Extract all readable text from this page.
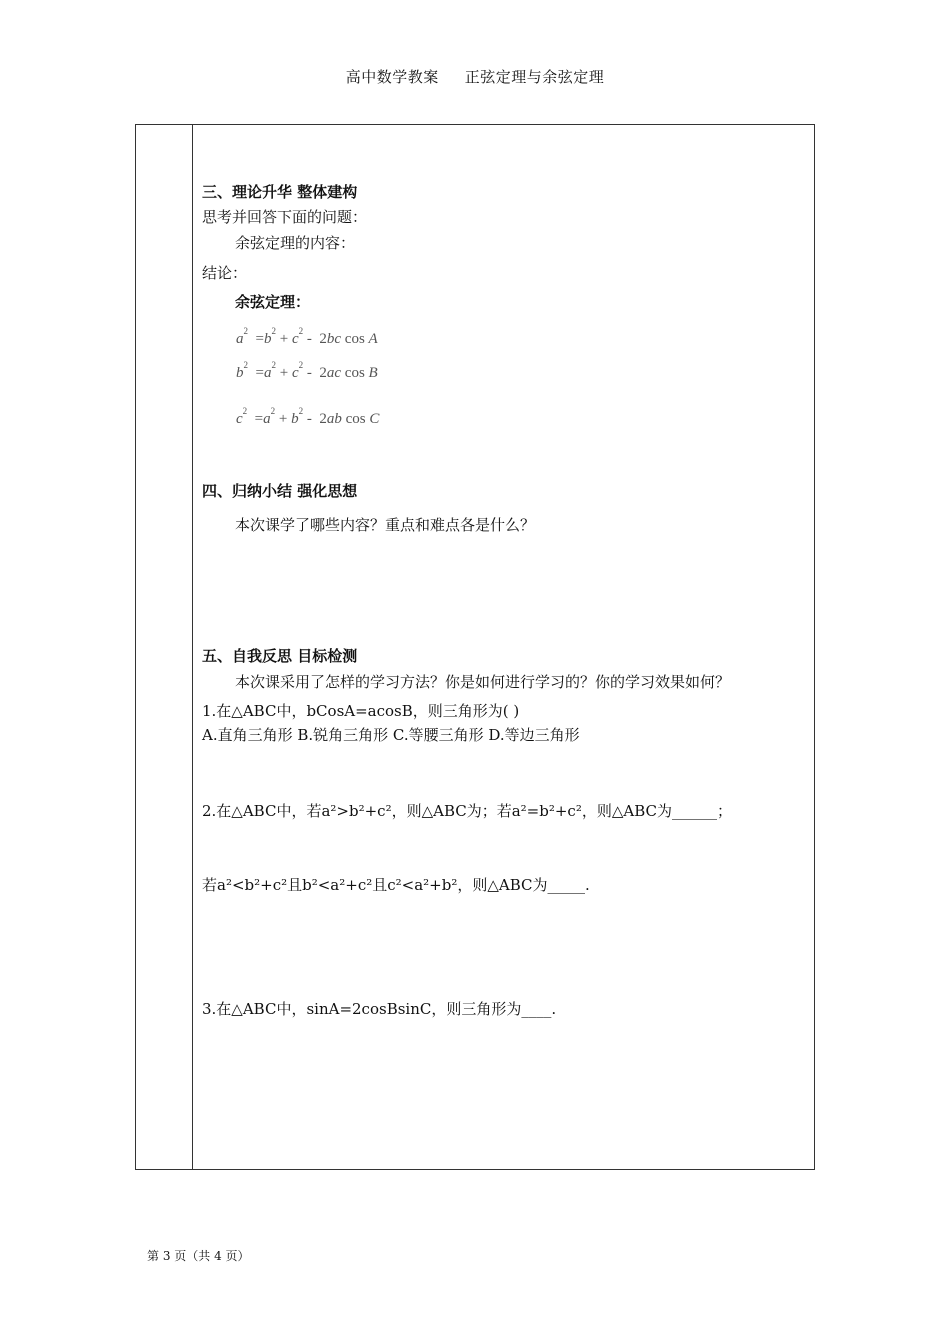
高中数学教案 正弦定理与余弦定理
三、理论升华 整体建构
思考并回答下面的问题：
余弦定理的内容：
结论：
余弦定理：
$a^2 =b^2 + c^2 - 2bc$ cos A
$b^2 =a^2 + c^2 - 2ac$ cos B
$c^2 =a^2 + b^2 - 2ab$ cos C
四、归纳小结 强化思想
本次课学了哪些内容？重点和难点各是什么？
五、自我反思 目标检测
本次课采用了怎样的学习方法？你是如何进行学习的？你的学习效果如何？
1.在△ABC中，bCosA=acosB，则三角形为( )
A.直角三角形 B.锐角三角形 C.等腰三角形 D.等边三角形
2.在△ABC中，若a²>b²+c²，则△ABC为；若a²=b²+c²，则△ABC为______；
若a²<b²+c²且b²<a²+c²且c²<a²+b²，则△ABC为_____.
3.在△ABC中，sinA=2cosBsinC，则三角形为____.
第 3 页（共 4 页）
